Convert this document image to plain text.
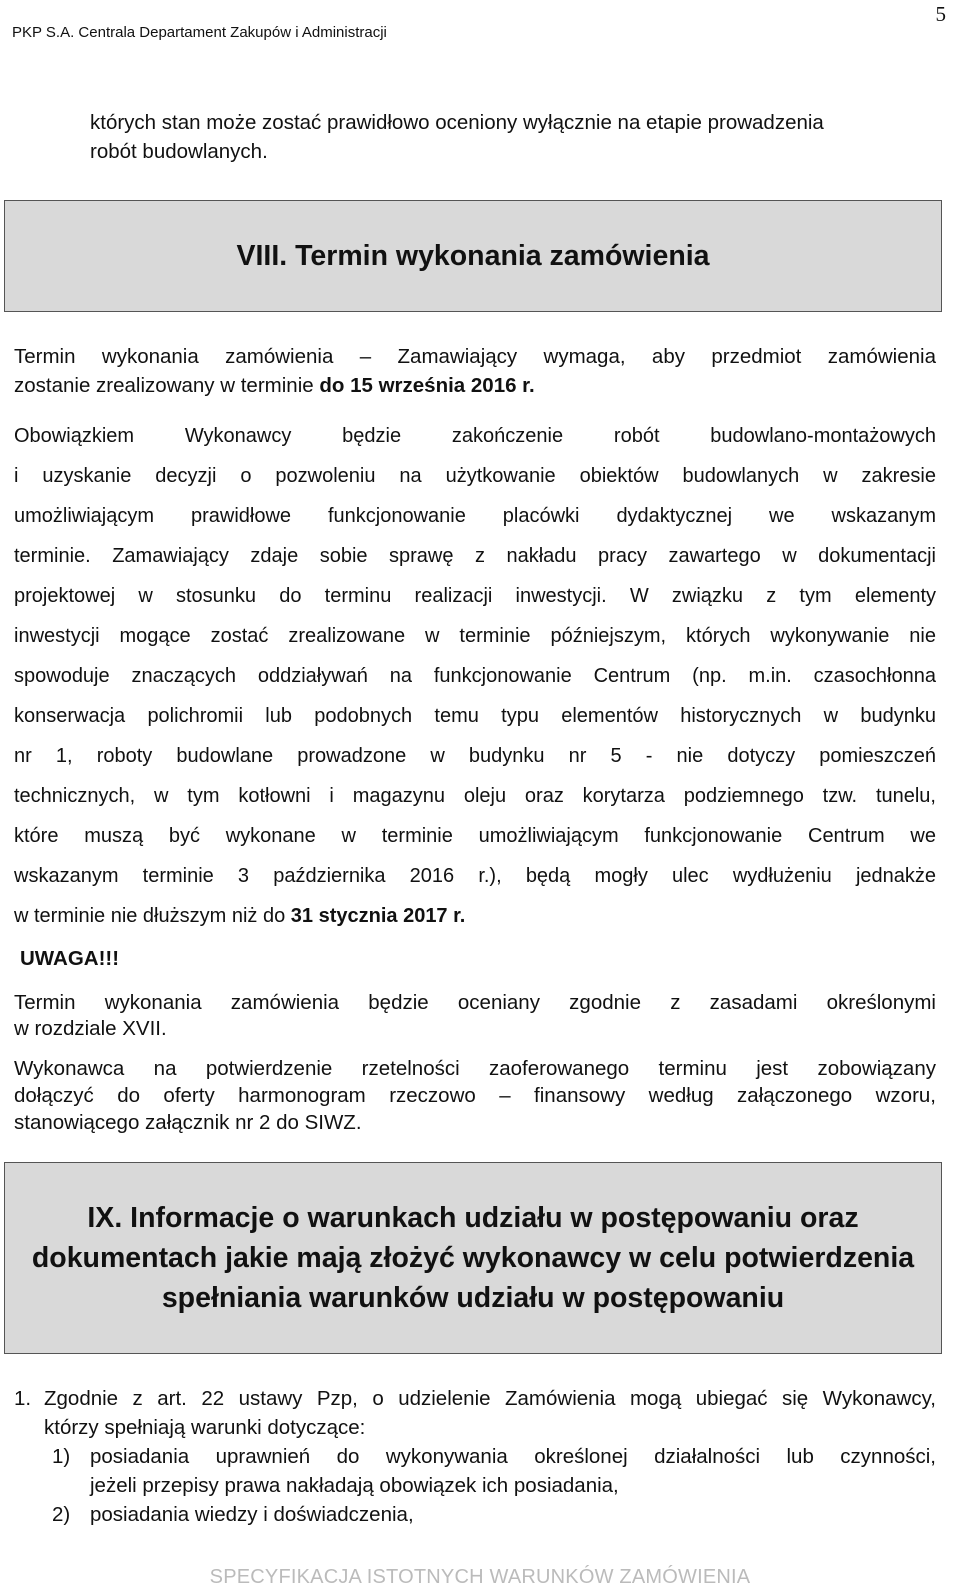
PKP S.A. Centrala Departament Zakupów i Administracji
5
których stan może zostać prawidłowo oceniony wyłącznie na etapie prowadzenia
robót budowlanych.
VIII. Termin wykonania zamówienia
Termin wykonania zamówienia – Zamawiający wymaga, aby przedmiot zamówienia
zostanie zrealizowany w terminie do 15 września 2016 r.
Obowiązkiem Wykonawcy będzie zakończenie robót budowlano-montażowych
i uzyskanie decyzji o pozwoleniu na użytkowanie obiektów budowlanych w zakresie
umożliwiającym prawidłowe funkcjonowanie placówki dydaktycznej we wskazanym
terminie. Zamawiający zdaje sobie sprawę z nakładu pracy zawartego w dokumentacji
projektowej w stosunku do terminu realizacji inwestycji. W związku z tym elementy
inwestycji mogące zostać zrealizowane w terminie późniejszym, których wykonywanie nie
spowoduje znaczących oddziaływań na funkcjonowanie Centrum (np. m.in. czasochłonna
konserwacja polichromii lub podobnych temu typu elementów historycznych w budynku
nr 1, roboty budowlane prowadzone w budynku nr 5 - nie dotyczy pomieszczeń
technicznych, w tym kotłowni i magazynu oleju oraz korytarza podziemnego tzw. tunelu,
które muszą być wykonane w terminie umożliwiającym funkcjonowanie Centrum we
wskazanym terminie 3 października 2016 r.), będą mogły ulec wydłużeniu jednakże
w terminie nie dłuższym niż do 31 stycznia 2017 r.
UWAGA!!!
Termin wykonania zamówienia będzie oceniany zgodnie z zasadami określonymi
w rozdziale XVII.
Wykonawca na potwierdzenie rzetelności zaoferowanego terminu jest zobowiązany
dołączyć do oferty harmonogram rzeczowo – finansowy według załączonego wzoru,
stanowiącego załącznik nr 2 do SIWZ.
IX. Informacje o warunkach udziału w postępowaniu oraz
dokumentach jakie mają złożyć wykonawcy w celu potwierdzenia
spełniania warunków udziału w postępowaniu
1. Zgodnie z art. 22 ustawy Pzp, o udzielenie Zamówienia mogą ubiegać się Wykonawcy,
którzy spełniają warunki dotyczące:
1) posiadania uprawnień do wykonywania określonej działalności lub czynności,
jeżeli przepisy prawa nakładają obowiązek ich posiadania,
2) posiadania wiedzy i doświadczenia,
SPECYFIKACJA ISTOTNYCH WARUNKÓW ZAMÓWIENIA
